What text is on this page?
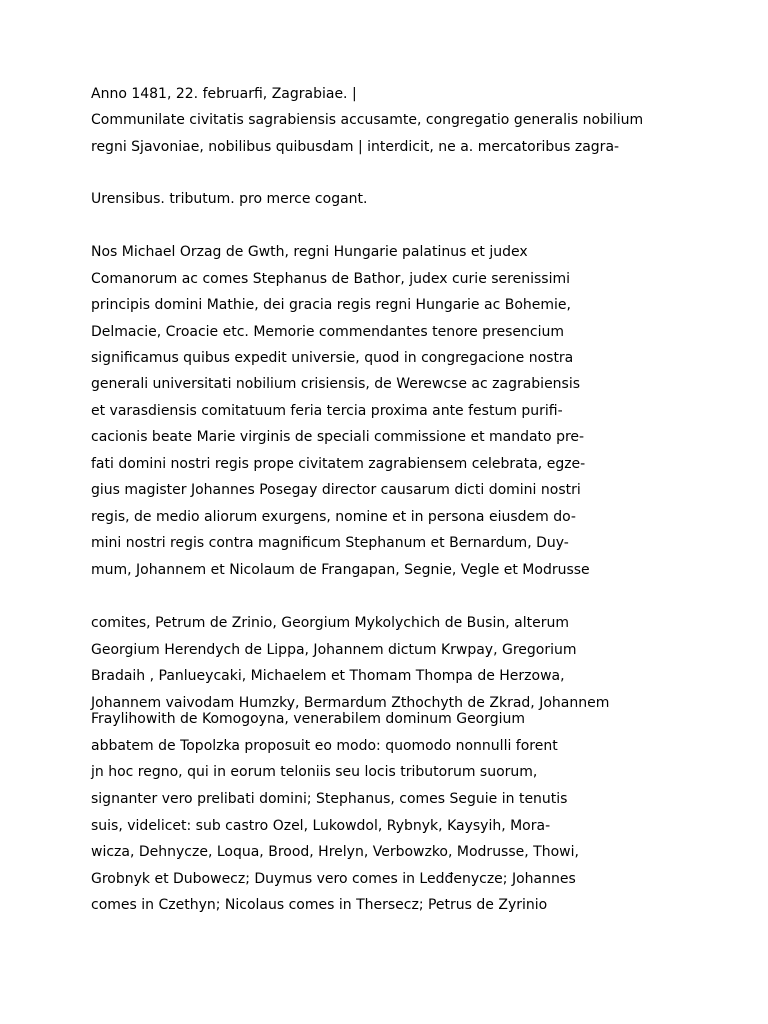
Anno 1481, 22. februarfi, Zagrabiae. |

Communilate civitatis sagrabiensis accusamte, congregatio generalis nobilium

regni Sjavoniae, nobilibus quibusdam | interdicit, ne a. mercatoribus zagra-

Urensibus. tributum. pro merce cogant.

Nos Michael Orzag de Gwth, regni Hungarie palatinus et judex

Comanorum ac comes Stephanus de Bathor, judex curie serenissimi

principis domini Mathie, dei gracia regis regni Hungarie ac Bohemie,

Delmacie, Croacie etc. Memorie commendantes tenore presencium

significamus quibus expedit universie, quod in congregacione nostra

generali universitati nobilium crisiensis, de Werewcse ac zagrabiensis

et varasdiensis comitatuum feria tercia proxima ante festum purifi-

cacionis beate Marie virginis de speciali commissione et mandato pre-

fati domini nostri regis prope civitatem zagrabiensem celebrata, egze-

gius magister Johannes Posegay director causarum dicti domini nostri

regis, de medio aliorum exurgens, nomine et in persona eiusdem do-

mini nostri regis contra magnificum Stephanum et Bernardum, Duy-

mum, Johannem et Nicolaum de Frangapan, Segnie, Vegle et Modrusse

comites, Petrum de Zrinio, Georgium Mykolychich de Busin, alterum

Georgium Herendych de Lippa, Johannem dictum Krwpay, Gregorium

Bradaih , Panlueycaki, Michaelem et Thomam Thompa de Herzowa,

Johannem vaivodam Humzky, Bermardum Zthochyth de Zkrad, Johannem

Fraylihowith de Komogoyna, venerabilem dominum Georgium

abbatem de Topolzka proposuit eo modo: quomodo nonnulli forent

jn hoc regno, qui in eorum teloniis seu locis tributorum suorum,

signanter vero prelibati domini; Stephanus, comes Seguie in tenutis

suis, videlicet: sub castro Ozel, Lukowdol, Rybnyk, Kaysyih, Mora-

wicza, Dehnycze, Loqua, Brood, Hrelyn, Verbowzko, Modrusse, Thowi,

Grobnyk et Dubowecz; Duymus vero comes in Ledđenycze; Johannes

comes in Czethyn; Nicolaus comes in Thersecz; Petrus de Zyrinio
